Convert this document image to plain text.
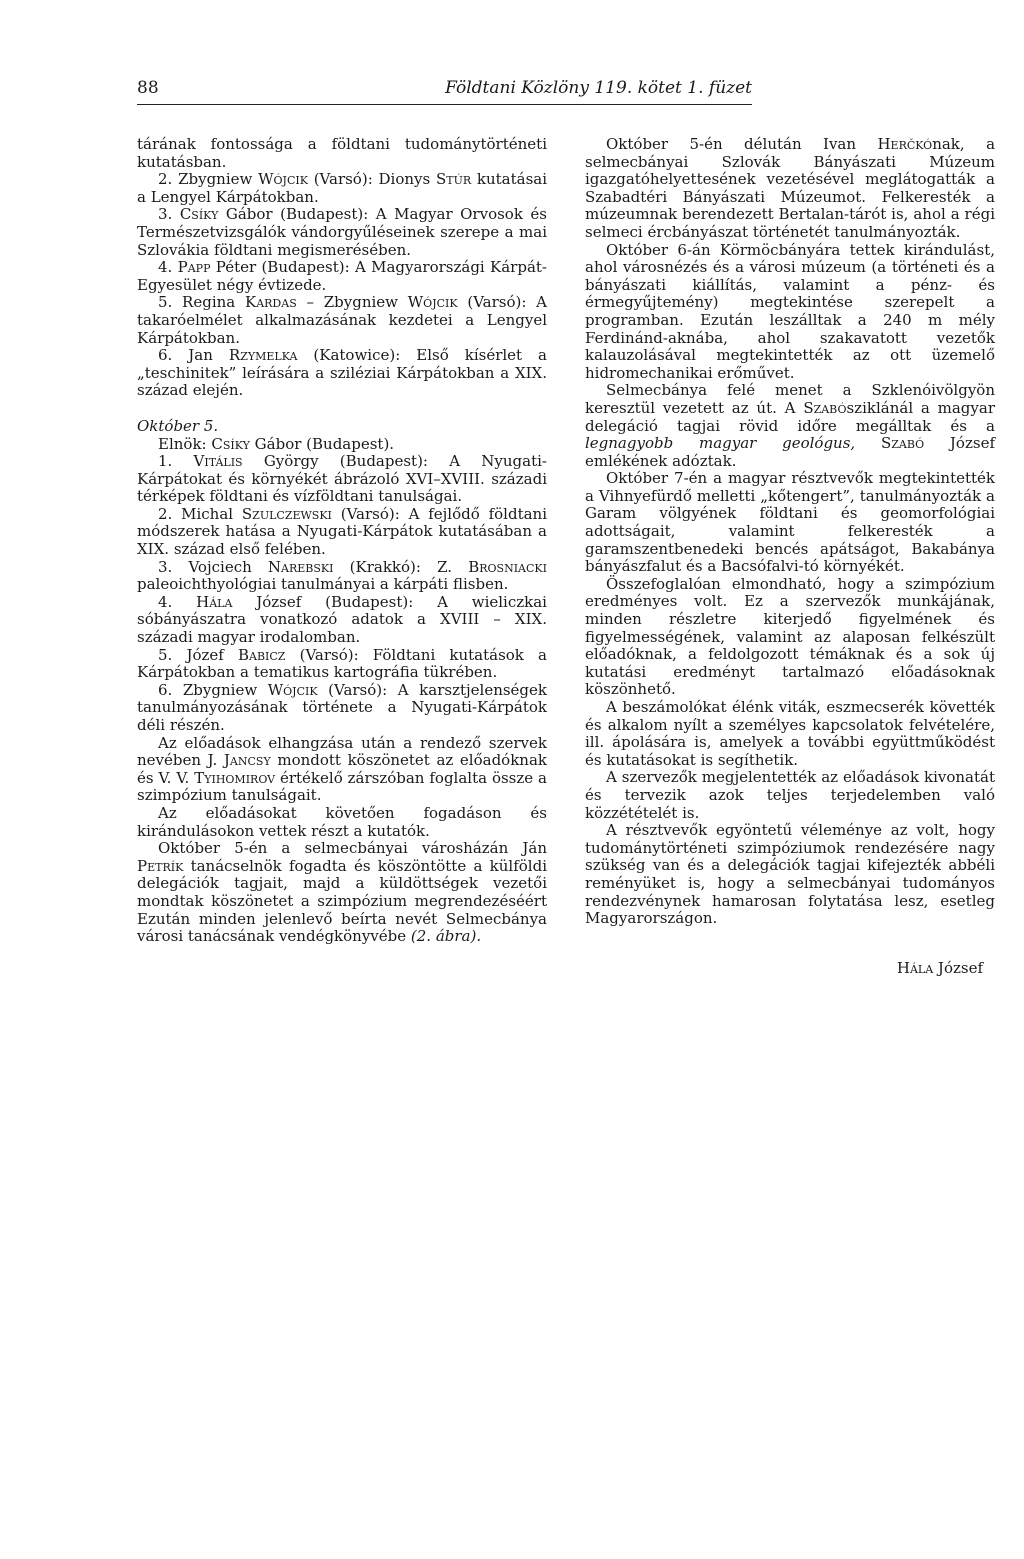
88	Földtani Közlöny 119. kötet 1. füzet

tárának fontossága a földtani tudománytörténeti kutatásban.

2. Zbygniew Wójcik (Varsó): Dionys Stúr kutatásai a Lengyel Kárpátokban.

3. Csíky Gábor (Budapest): A Magyar Orvosok és Természetvizsgálók vándorgyűléseinek szerepe a mai Szlovákia földtani megismerésében.

4. Papp Péter (Budapest): A Magyarországi Kárpát-Egyesület négy évtizede.

5. Regina Kardas – Zbygniew Wójcik (Varsó): A takaróelmélet alkalmazásának kezdetei a Lengyel Kárpátokban.

6. Jan Rzymelka (Katowice): Első kísérlet a „teschinitek” leírására a sziléziai Kárpátokban a XIX. század elején.

Október 5.

Elnök: Csíky Gábor (Budapest).

1. Vitális György (Budapest): A Nyugati-Kárpátokat és környékét ábrázoló XVI–XVIII. századi térképek földtani és vízföldtani tanulságai.

2. Michal Szulczewski (Varsó): A fejlődő földtani módszerek hatása a Nyugati-Kárpátok kutatásában a XIX. század első felében.

3. Vojciech Narebski (Krakkó): Z. Brosniacki paleoichthyológiai tanulmányai a kárpáti flisben.

4. Hála József (Budapest): A wieliczkai sóbányászatra vonatkozó adatok a XVIII – XIX. századi magyar irodalomban.

5. Józef Babicz (Varsó): Földtani kutatások a Kárpátokban a tematikus kartográfia tükrében.

6. Zbygniew Wójcik (Varsó): A karsztjelenségek tanulmányozásának története a Nyugati-Kárpátok déli részén.

Az előadások elhangzása után a rendező szervek nevében J. Jancsy mondott köszönetet az előadóknak és V. V. Tyihomirov értékelő zárszóban foglalta össze a szimpózium tanulságait.

Az előadásokat követően fogadáson és kirándulásokon vettek részt a kutatók.

Október 5-én a selmecbányai városházán Ján Petrík tanácselnök fogadta és köszöntötte a külföldi delegációk tagjait, majd a küldöttségek vezetői mondtak köszönetet a szimpózium megrendezéséért Ezután minden jelenlevő beírta nevét Selmecbánya városi tanácsának vendégkönyvébe (2. ábra).

Október 5-én délután Ivan Herčkónak, a selmecbányai Szlovák Bányászati Múzeum igazgatóhelyettesének vezetésével meglátogatták a Szabadtéri Bányászati Múzeumot. Felkeresték a múzeumnak berendezett Bertalan-tárót is, ahol a régi selmeci ércbányászat történetét tanulmányozták.

Október 6-án Körmöcbányára tettek kirándulást, ahol városnézés és a városi múzeum (a történeti és a bányászati kiállítás, valamint a pénz- és érmegyűjtemény) megtekintése szerepelt a programban. Ezután leszálltak a 240 m mély Ferdinánd-aknába, ahol szakavatott vezetők kalauzolásával megtekintették az ott üzemelő hidromechanikai erőművet.

Selmecbánya felé menet a Szklenóivölgyön keresztül vezetett az út. A Szabósziklánál a magyar delegáció tagjai rövid időre megálltak és a legnagyobb magyar geológus, Szabó József emlékének adóztak.

Október 7-én a magyar résztvevők megtekintették a Vihnyefürdő melletti „kőtengert”, tanulmányozták a Garam völgyének földtani és geomorfológiai adottságait, valamint felkeresték a garamszentbenedeki bencés apátságot, Bakabánya bányászfalut és a Bacsófalvi-tó környékét.

Összefoglalóan elmondható, hogy a szimpózium eredményes volt. Ez a szervezők munkájának, minden részletre kiterjedő figyelmének és figyelmességének, valamint az alaposan felkészült előadóknak, a feldolgozott témáknak és a sok új kutatási eredményt tartalmazó előadásoknak köszönhető.

A beszámolókat élénk viták, eszmecserék követték és alkalom nyílt a személyes kapcsolatok felvételére, ill. ápolására is, amelyek a további együttműködést és kutatásokat is segíthetik.

A szervezők megjelentették az előadások kivonatát és tervezik azok teljes terjedelemben való közzétételét is.

A résztvevők egyöntetű véleménye az volt, hogy tudománytörténeti szimpóziumok rendezésére nagy szükség van és a delegációk tagjai kifejezték abbéli reményüket is, hogy a selmecbányai tudományos rendezvénynek hamarosan folytatása lesz, esetleg Magyarországon.

Hála József
